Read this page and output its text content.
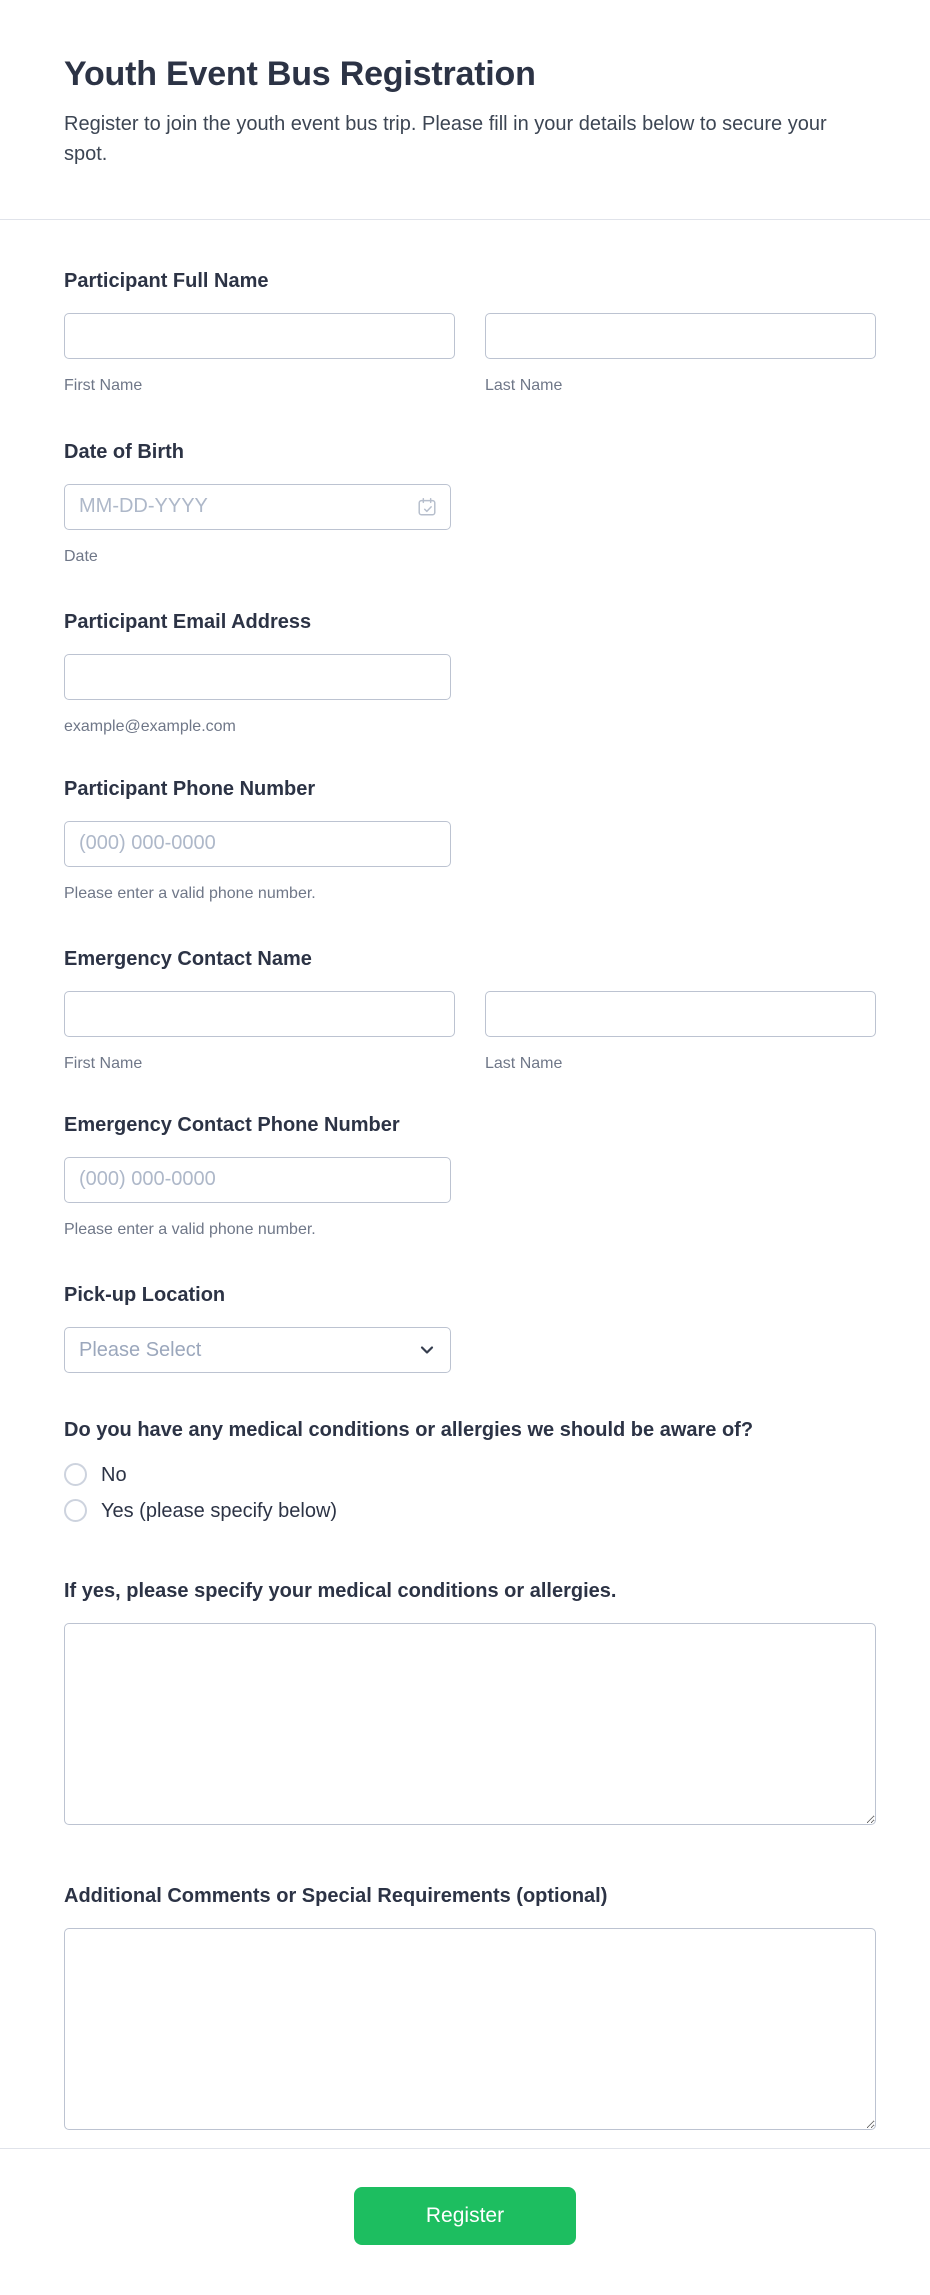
Youth Event Bus Registration

Register to join the youth event bus trip. Please fill in your details below to secure your spot.

Participant Full Name
First Name	Last Name
Date of Birth
MM-DD-YYYY
Date
Participant Email Address
example@example.com
Participant Phone Number
(000) 000-0000
Please enter a valid phone number.
Emergency Contact Name
First Name	Last Name
Emergency Contact Phone Number
(000) 000-0000
Please enter a valid phone number.
Pick-up Location
Please Select
Do you have any medical conditions or allergies we should be aware of?
No
Yes (please specify below)
If yes, please specify your medical conditions or allergies.
Additional Comments or Special Requirements (optional)
Register
